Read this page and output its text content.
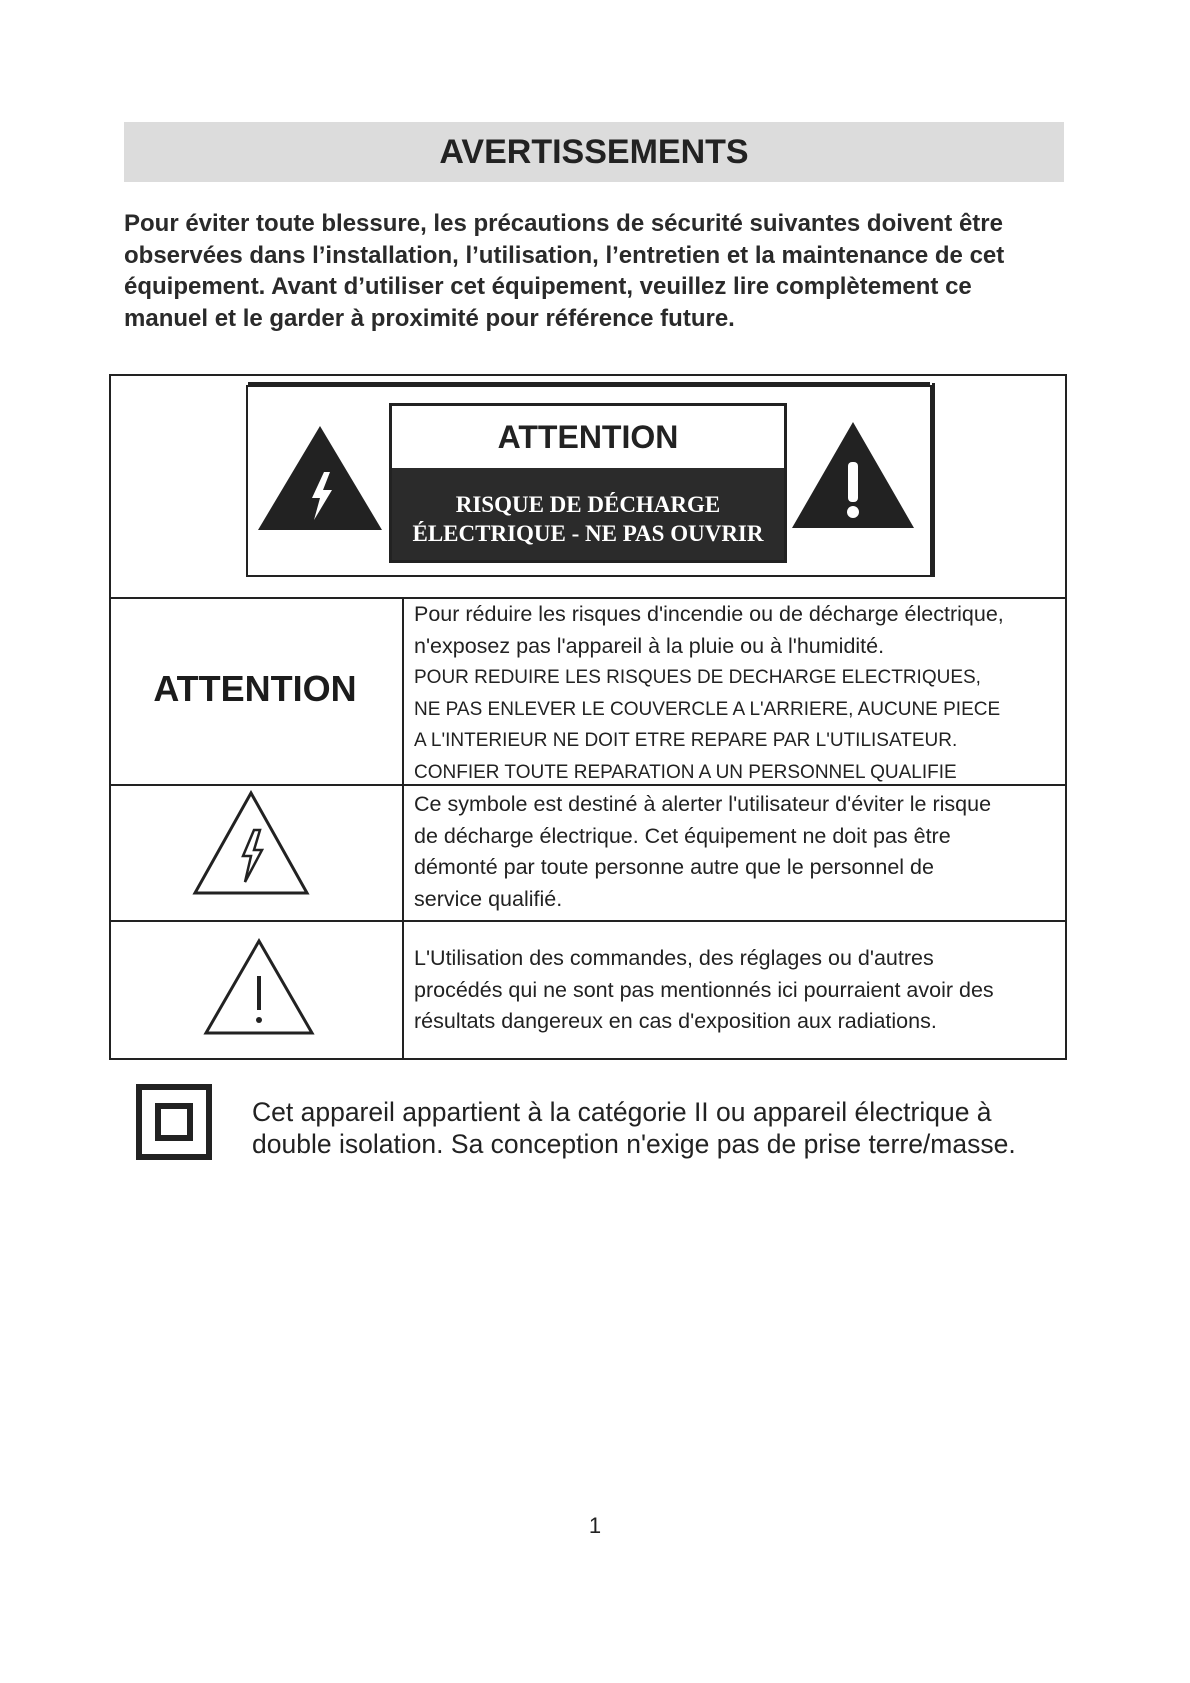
AVERTISSEMENTS
Pour éviter toute blessure, les précautions de sécurité suivantes doivent être
observées dans l’installation, l’utilisation, l’entretien et la maintenance de cet
équipement. Avant d’utiliser cet équipement, veuillez lire complètement ce
manuel et le garder à proximité pour référence future.
ATTENTION
RISQUE DE DÉCHARGE
ÉLECTRIQUE - NE PAS OUVRIR
ATTENTION
Pour réduire les risques d'incendie ou de décharge électrique,
n'exposez pas l'appareil à la pluie ou à l'humidité.
POUR REDUIRE LES RISQUES DE DECHARGE ELECTRIQUES,
NE PAS ENLEVER LE COUVERCLE A L'ARRIERE, AUCUNE PIECE
A L'INTERIEUR NE DOIT ETRE REPARE PAR L'UTILISATEUR.
CONFIER TOUTE REPARATION A UN PERSONNEL QUALIFIE
Ce symbole est destiné à alerter l'utilisateur d'éviter le risque
de décharge électrique. Cet équipement ne doit pas être
démonté par toute personne autre que le personnel de
service qualifié.
L'Utilisation des commandes, des réglages ou d'autres
procédés qui ne sont pas mentionnés ici pourraient avoir des
résultats dangereux en cas d'exposition aux radiations.
Cet appareil appartient à la catégorie II ou appareil électrique à
double isolation. Sa conception n'exige pas de prise terre/masse.
1
